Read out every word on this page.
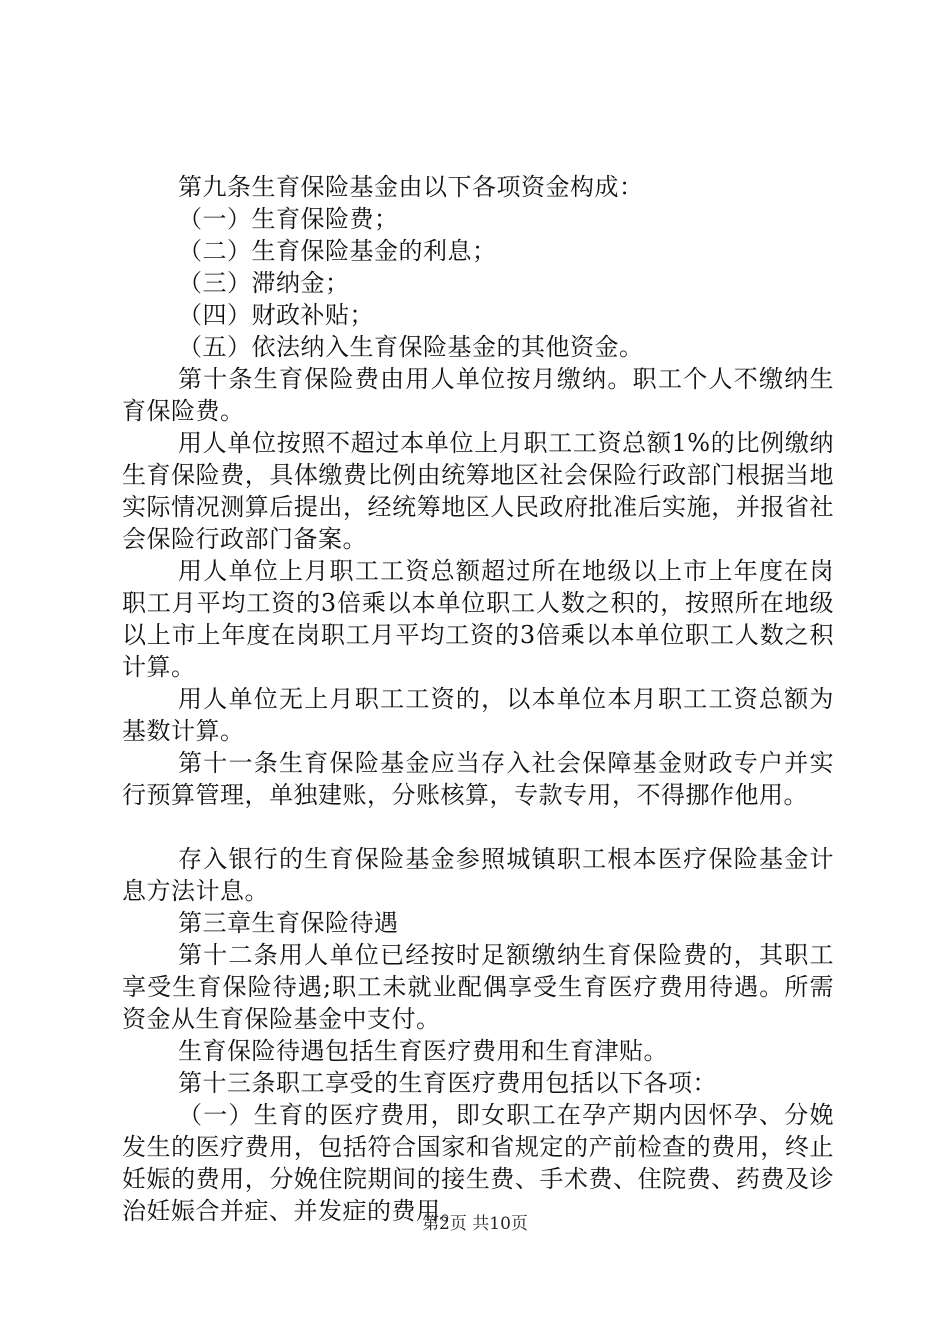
第九条生育保险基金由以下各项资金构成：

（一）生育保险费；

（二）生育保险基金的利息；

（三）滞纳金；

（四）财政补贴；

（五）依法纳入生育保险基金的其他资金。

第十条生育保险费由用人单位按月缴纳。职工个人不缴纳生育保险费。

用人单位按照不超过本单位上月职工工资总额1%的比例缴纳生育保险费，具体缴费比例由统筹地区社会保险行政部门根据当地实际情况测算后提出，经统筹地区人民政府批准后实施，并报省社会保险行政部门备案。

用人单位上月职工工资总额超过所在地级以上市上年度在岗职工月平均工资的3倍乘以本单位职工人数之积的，按照所在地级以上市上年度在岗职工月平均工资的3倍乘以本单位职工人数之积计算。

用人单位无上月职工工资的，以本单位本月职工工资总额为基数计算。

第十一条生育保险基金应当存入社会保障基金财政专户并实行预算管理，单独建账，分账核算，专款专用，不得挪作他用。

存入银行的生育保险基金参照城镇职工根本医疗保险基金计息方法计息。

第三章生育保险待遇

第十二条用人单位已经按时足额缴纳生育保险费的，其职工享受生育保险待遇;职工未就业配偶享受生育医疗费用待遇。所需资金从生育保险基金中支付。

生育保险待遇包括生育医疗费用和生育津贴。

第十三条职工享受的生育医疗费用包括以下各项：

（一）生育的医疗费用，即女职工在孕产期内因怀孕、分娩发生的医疗费用，包括符合国家和省规定的产前检查的费用，终止妊娠的费用，分娩住院期间的接生费、手术费、住院费、药费及诊治妊娠合并症、并发症的费用。

第2页 共10页
